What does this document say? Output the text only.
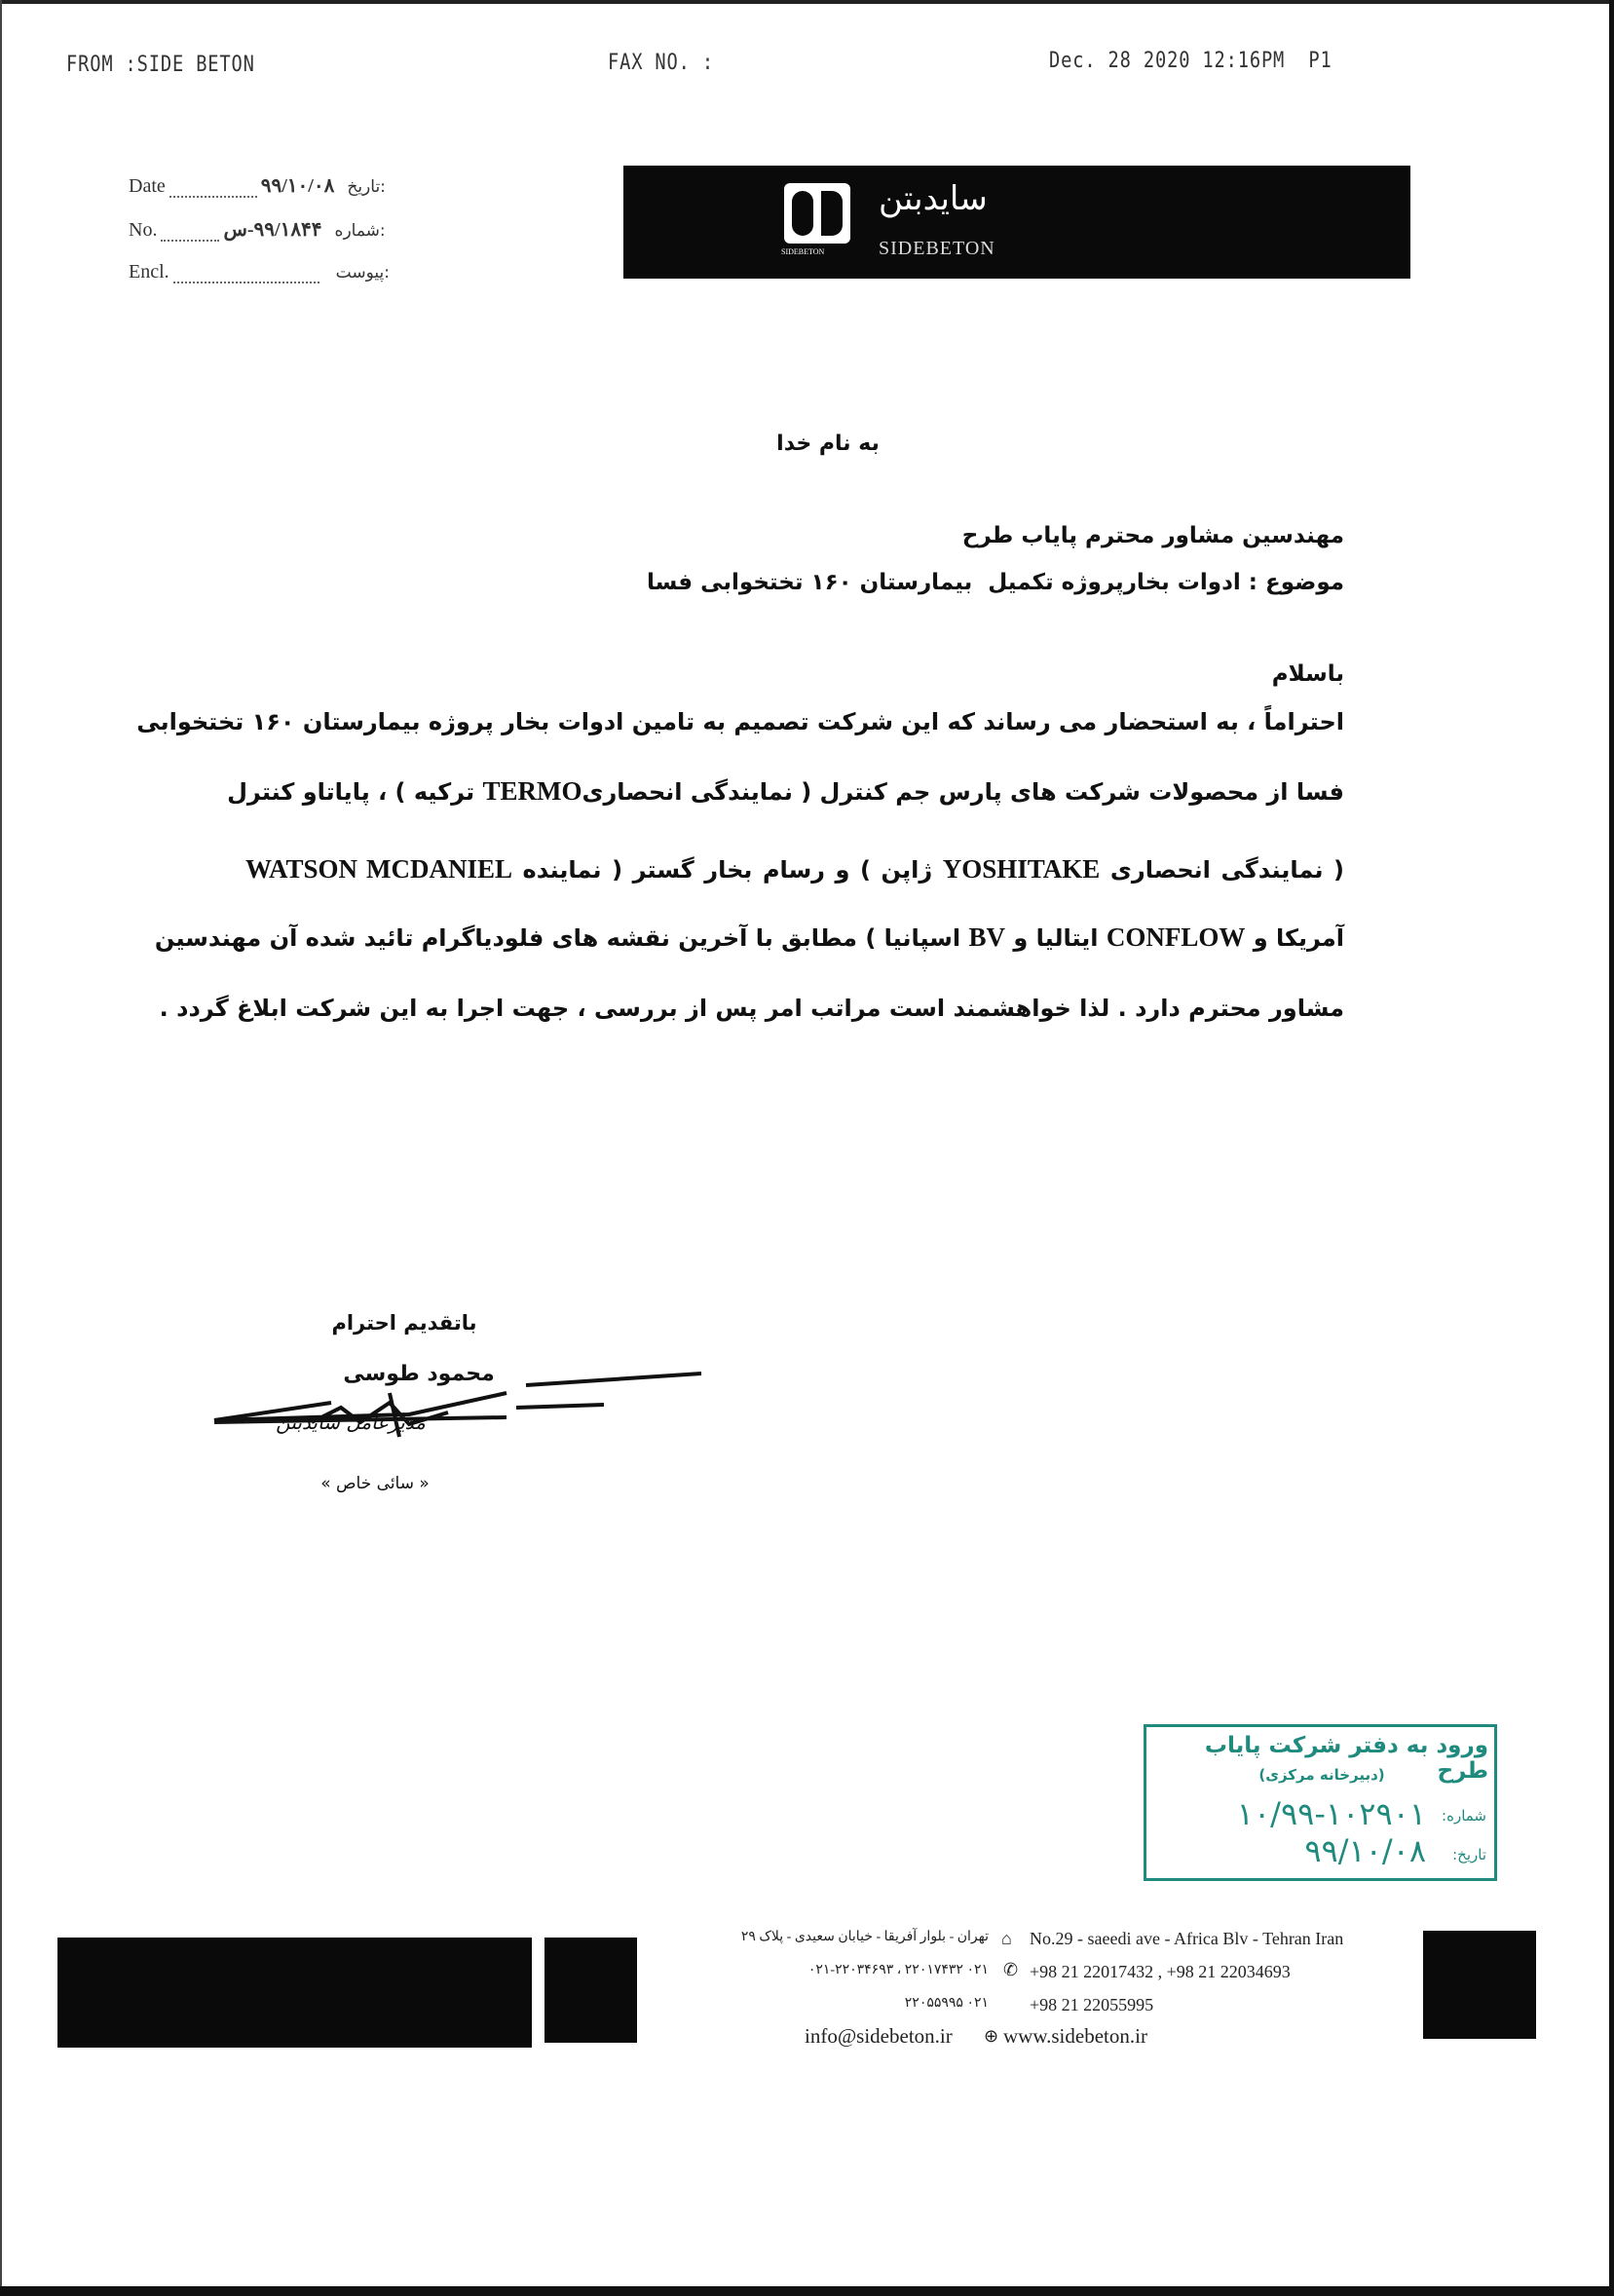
FROM :SIDE BETON	FAX NO. :	Dec. 28 2020 12:16PM  P1
Date	۹۹/۱۰/۰۸ تاریخ:
No.	۹۹/۱۸۴۴-س شماره:
Encl.	پیوست:
SIDEBETON
سایدبتن
SIDEBETON
به نام خدا
مهندسین مشاور محترم پایاب طرح
موضوع : ادوات بخارپروژه تکمیل  بیمارستان ۱۶۰ تختخوابی فسا
باسلام
احتراماً ، به استحضار می رساند که این شرکت تصمیم به تامین ادوات بخار پروژه بیمارستان ۱۶۰ تختخوابی
فسا از محصولات شرکت های پارس جم کنترل ( نمایندگی انحصاریTERMO ترکیه ) ، پایاتاو کنترل
( نمایندگی انحصاری YOSHITAKE ژاپن ) و رسام بخار گستر ( نماینده WATSON MCDANIEL
آمریکا و CONFLOW ایتالیا و BV اسپانیا ) مطابق با آخرین نقشه های فلودیاگرام تائید شده آن مهندسین
مشاور محترم دارد . لذا خواهشمند است مراتب امر پس از بررسی ، جهت اجرا به این شرکت ابلاغ گردد .
باتقدیم احترام
محمود طوسی
مدیرعامل سایدبتن
« سائی خاص »
ورود به دفتر شرکت پایاب طرح
(دبیرخانه مرکزی)
شماره:
۱۰/۹۹-۱۰۲۹۰۱
تاریخ:
۹۹/۱۰/۰۸
تهران - بلوار آفریقا - خیابان سعیدی - پلاک ۲۹ ⌂ No.29 - saeedi ave - Africa Blv - Tehran Iran
۰۲۱ ۲۲۰۱۷۴۳۲ ، ۰۲۱-۲۲۰۳۴۶۹۳ ✆ +98 21 22017432 , +98 21 22034693
۰۲۱ ۲۲۰۵۵۹۹۵ +98 21 22055995
info@sidebeton.ir ⊕ www.sidebeton.ir
